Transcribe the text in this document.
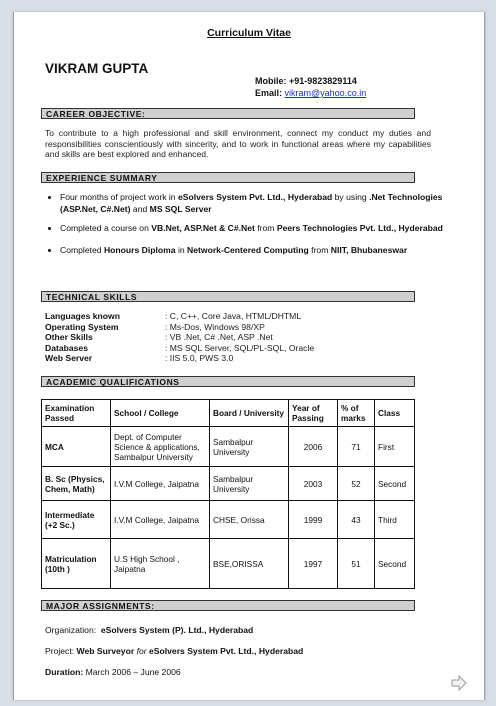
Curriculum Vitae
VIKRAM GUPTA
Mobile: +91-9823829114
Email: vikram@yahoo.co.in
.
CAREER OBJECTIVE:
To contribute to a high professional and skill environment, connect my conduct my duties and responsibilities conscientiously with sincerity, and to work in functional areas where my capabilities and skills are best explored and enhanced.
EXPERIENCE SUMMARY
• Four months of project work in eSolvers System Pvt. Ltd., Hyderabad by using .Net Technologies (ASP.Net, C#.Net) and MS SQL Server
• Completed a course on VB.Net, ASP.Net & C#.Net from Peers Technologies Pvt. Ltd., Hyderabad
• Completed Honours Diploma in Network-Centered Computing from NIIT, Bhubaneswar
TECHNICAL SKILLS
Languages known	: C, C++, Core Java, HTML/DHTML
Operating System	: Ms-Dos, Windows 98/XP
Other Skills	: VB .Net, C# .Net, ASP .Net
Databases	: MS SQL Server, SQL/PL-SQL, Oracle
Web Server	: IIS 5.0, PWS 3.0
ACADEMIC QUALIFICATIONS
Examination Passed	School / College	Board / University	Year of Passing	% of marks	Class
MCA	Dept. of Computer Science & applications, Sambalpur University	Sambalpur University	2006	71	First
B. Sc (Physics, Chem, Math)	I.V.M College, Jaipatna	Sambalpur University	2003	52	Second
Intermediate (+2 Sc.)	I.V.M College, Jaipatna	CHSE, Orissa	1999	43	Third
Matriculation (10th )	U.S High School , Jaipatna	BSE,ORISSA	1997	51	Second
MAJOR ASSIGNMENTS:
Organization: eSolvers System (P). Ltd., Hyderabad
Project: Web Surveyor for eSolvers System Pvt. Ltd., Hyderabad
Duration: March 2006 – June 2006
